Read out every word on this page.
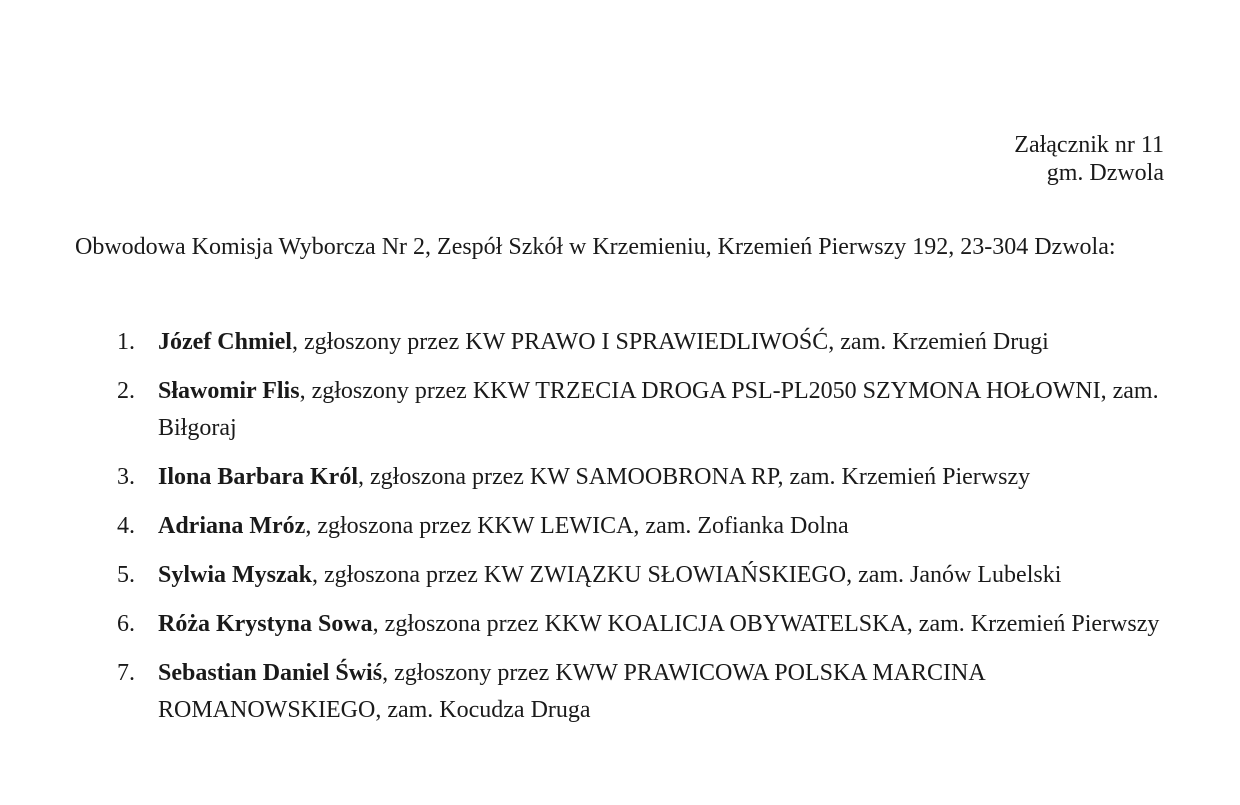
Załącznik nr 11
gm. Dzwola
Obwodowa Komisja Wyborcza Nr 2, Zespół Szkół w Krzemieniu, Krzemień Pierwszy 192, 23-304 Dzwola:
1. Józef Chmiel, zgłoszony przez KW PRAWO I SPRAWIEDLIWOŚĆ, zam. Krzemień Drugi
2. Sławomir Flis, zgłoszony przez KKW TRZECIA DROGA PSL-PL2050 SZYMONA HOŁOWNI, zam. Biłgoraj
3. Ilona Barbara Król, zgłoszona przez KW SAMOOBRONA RP, zam. Krzemień Pierwszy
4. Adriana Mróz, zgłoszona przez KKW LEWICA, zam. Zofianka Dolna
5. Sylwia Myszak, zgłoszona przez KW ZWIĄZKU SŁOWIAŃSKIEGO, zam. Janów Lubelski
6. Róża Krystyna Sowa, zgłoszona przez KKW KOALICJA OBYWATELSKA, zam. Krzemień Pierwszy
7. Sebastian Daniel Świś, zgłoszony przez KWW PRAWICOWA POLSKA MARCINA ROMANOWSKIEGO, zam. Kocudza Druga
